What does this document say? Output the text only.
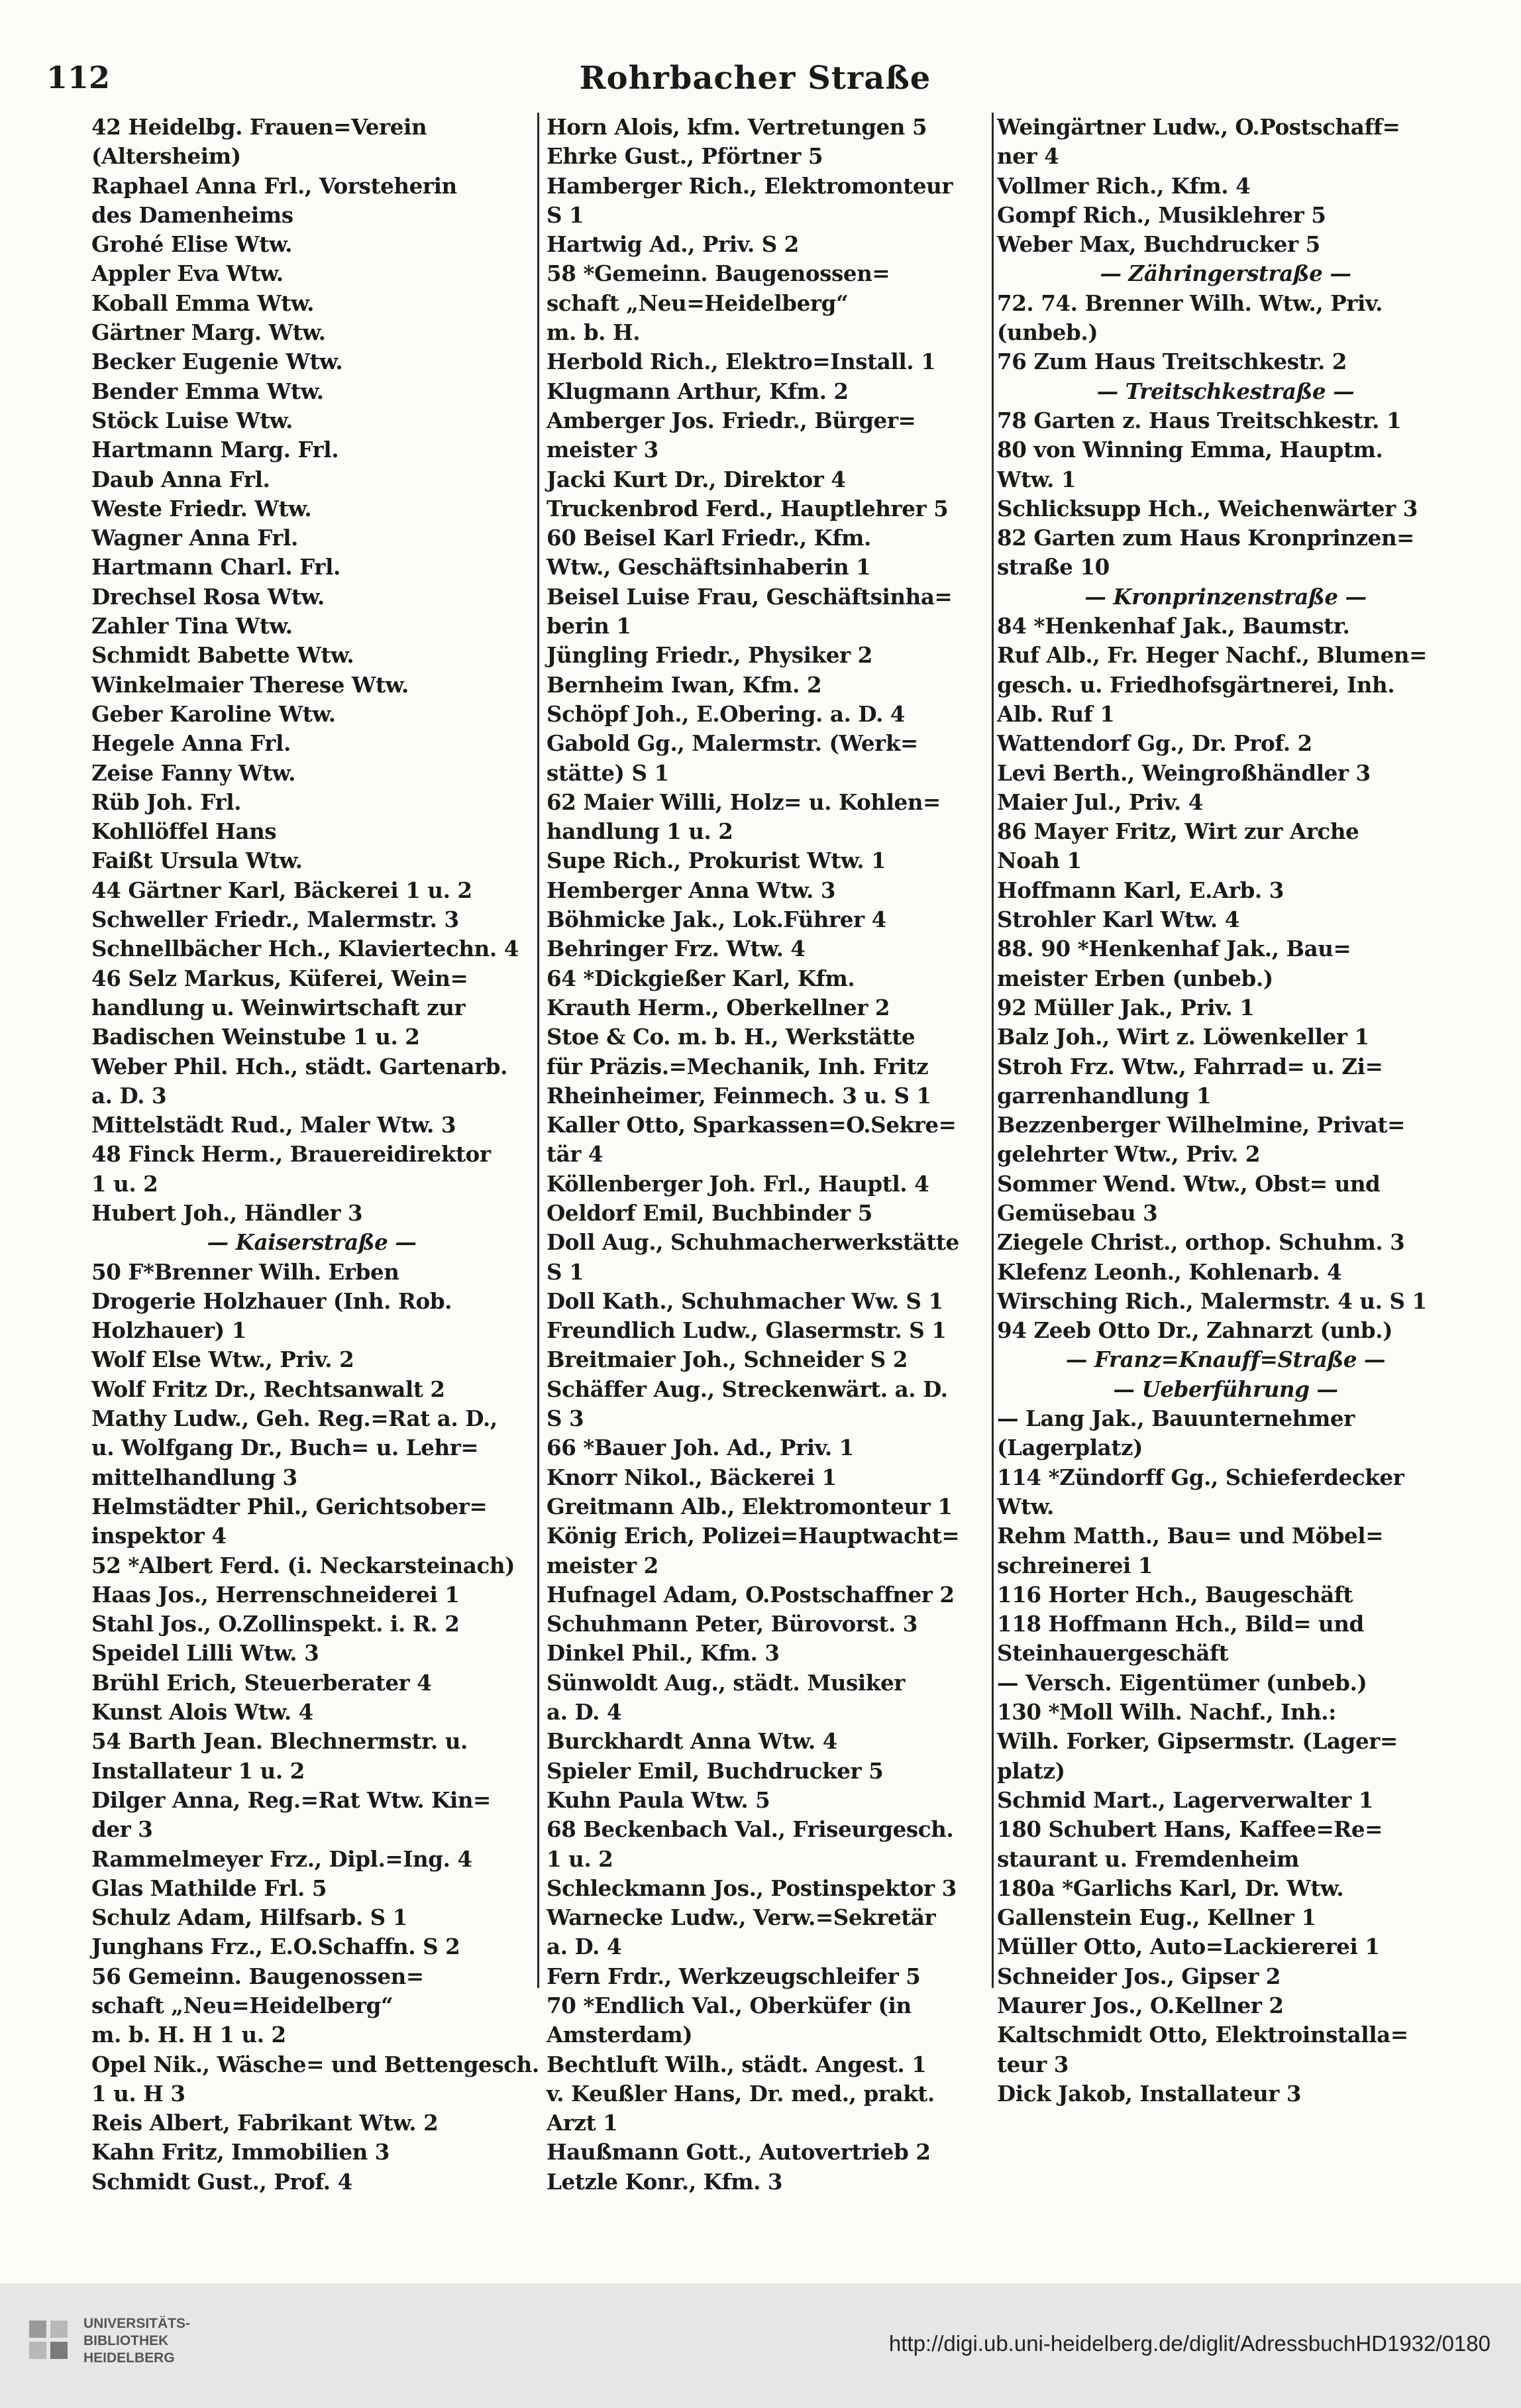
112	Rohrbacher Straße
42 Heidelbg. Frauen=Verein
(Altersheim)
Raphael Anna Frl., Vorsteherin
des Damenheims
Grohé Elise Wtw.
Appler Eva Wtw.
Koball Emma Wtw.
Gärtner Marg. Wtw.
Becker Eugenie Wtw.
Bender Emma Wtw.
Stöck Luise Wtw.
Hartmann Marg. Frl.
Daub Anna Frl.
Weste Friedr. Wtw.
Wagner Anna Frl.
Hartmann Charl. Frl.
Drechsel Rosa Wtw.
Zahler Tina Wtw.
Schmidt Babette Wtw.
Winkelmaier Therese Wtw.
Geber Karoline Wtw.
Hegele Anna Frl.
Zeise Fanny Wtw.
Rüb Joh. Frl.
Kohllöffel Hans
Faißt Ursula Wtw.
44 Gärtner Karl, Bäckerei 1 u. 2
Schweller Friedr., Malermstr. 3
Schnellbächer Hch., Klaviertechn. 4
46 Selz Markus, Küferei, Wein=
handlung u. Weinwirtschaft zur
Badischen Weinstube 1 u. 2
Weber Phil. Hch., städt. Gartenarb.
a. D. 3
Mittelstädt Rud., Maler Wtw. 3
48 Finck Herm., Brauereidirektor
1 u. 2
Hubert Joh., Händler 3
— Kaiserstraße —
50 F*Brenner Wilh. Erben
Drogerie Holzhauer (Inh. Rob.
Holzhauer) 1
Wolf Else Wtw., Priv. 2
Wolf Fritz Dr., Rechtsanwalt 2
Mathy Ludw., Geh. Reg.=Rat a. D.,
u. Wolfgang Dr., Buch= u. Lehr=
mittelhandlung 3
Helmstädter Phil., Gerichtsober=
inspektor 4
52 *Albert Ferd. (i. Neckarsteinach)
Haas Jos., Herrenschneiderei 1
Stahl Jos., O.Zollinspekt. i. R. 2
Speidel Lilli Wtw. 3
Brühl Erich, Steuerberater 4
Kunst Alois Wtw. 4
54 Barth Jean. Blechnermstr. u.
Installateur 1 u. 2
Dilger Anna, Reg.=Rat Wtw. Kin=
der 3
Rammelmeyer Frz., Dipl.=Ing. 4
Glas Mathilde Frl. 5
Schulz Adam, Hilfsarb. S 1
Junghans Frz., E.O.Schaffn. S 2
56 Gemeinn. Baugenossen=
schaft „Neu=Heidelberg“
m. b. H. H 1 u. 2
Opel Nik., Wäsche= und Bettengesch.
1 u. H 3
Reis Albert, Fabrikant Wtw. 2
Kahn Fritz, Immobilien 3
Schmidt Gust., Prof. 4
Horn Alois, kfm. Vertretungen 5
Ehrke Gust., Pförtner 5
Hamberger Rich., Elektromonteur
S 1
Hartwig Ad., Priv. S 2
58 *Gemeinn. Baugenossen=
schaft „Neu=Heidelberg“
m. b. H.
Herbold Rich., Elektro=Install. 1
Klugmann Arthur, Kfm. 2
Amberger Jos. Friedr., Bürger=
meister 3
Jacki Kurt Dr., Direktor 4
Truckenbrod Ferd., Hauptlehrer 5
60 Beisel Karl Friedr., Kfm.
Wtw., Geschäftsinhaberin 1
Beisel Luise Frau, Geschäftsinha=
berin 1
Jüngling Friedr., Physiker 2
Bernheim Iwan, Kfm. 2
Schöpf Joh., E.Obering. a. D. 4
Gabold Gg., Malermstr. (Werk=
stätte) S 1
62 Maier Willi, Holz= u. Kohlen=
handlung 1 u. 2
Supe Rich., Prokurist Wtw. 1
Hemberger Anna Wtw. 3
Böhmicke Jak., Lok.Führer 4
Behringer Frz. Wtw. 4
64 *Dickgießer Karl, Kfm.
Krauth Herm., Oberkellner 2
Stoe & Co. m. b. H., Werkstätte
für Präzis.=Mechanik, Inh. Fritz
Rheinheimer, Feinmech. 3 u. S 1
Kaller Otto, Sparkassen=O.Sekre=
tär 4
Köllenberger Joh. Frl., Hauptl. 4
Oeldorf Emil, Buchbinder 5
Doll Aug., Schuhmacherwerkstätte
S 1
Doll Kath., Schuhmacher Ww. S 1
Freundlich Ludw., Glasermstr. S 1
Breitmaier Joh., Schneider S 2
Schäffer Aug., Streckenwärt. a. D.
S 3
66 *Bauer Joh. Ad., Priv. 1
Knorr Nikol., Bäckerei 1
Greitmann Alb., Elektromonteur 1
König Erich, Polizei=Hauptwacht=
meister 2
Hufnagel Adam, O.Postschaffner 2
Schuhmann Peter, Bürovorst. 3
Dinkel Phil., Kfm. 3
Sünwoldt Aug., städt. Musiker
a. D. 4
Burckhardt Anna Wtw. 4
Spieler Emil, Buchdrucker 5
Kuhn Paula Wtw. 5
68 Beckenbach Val., Friseurgesch.
1 u. 2
Schleckmann Jos., Postinspektor 3
Warnecke Ludw., Verw.=Sekretär
a. D. 4
Fern Frdr., Werkzeugschleifer 5
70 *Endlich Val., Oberküfer (in
Amsterdam)
Bechtluft Wilh., städt. Angest. 1
v. Keußler Hans, Dr. med., prakt.
Arzt 1
Haußmann Gott., Autovertrieb 2
Letzle Konr., Kfm. 3
Weingärtner Ludw., O.Postschaff=
ner 4
Vollmer Rich., Kfm. 4
Gompf Rich., Musiklehrer 5
Weber Max, Buchdrucker 5
— Zähringerstraße —
72. 74. Brenner Wilh. Wtw., Priv.
(unbeb.)
76 Zum Haus Treitschkestr. 2
— Treitschkestraße —
78 Garten z. Haus Treitschkestr. 1
80 von Winning Emma, Hauptm.
Wtw. 1
Schlicksupp Hch., Weichenwärter 3
82 Garten zum Haus Kronprinzen=
straße 10
— Kronprinzenstraße —
84 *Henkenhaf Jak., Baumstr.
Ruf Alb., Fr. Heger Nachf., Blumen=
gesch. u. Friedhofsgärtnerei, Inh.
Alb. Ruf 1
Wattendorf Gg., Dr. Prof. 2
Levi Berth., Weingroßhändler 3
Maier Jul., Priv. 4
86 Mayer Fritz, Wirt zur Arche
Noah 1
Hoffmann Karl, E.Arb. 3
Strohler Karl Wtw. 4
88. 90 *Henkenhaf Jak., Bau=
meister Erben (unbeb.)
92 Müller Jak., Priv. 1
Balz Joh., Wirt z. Löwenkeller 1
Stroh Frz. Wtw., Fahrrad= u. Zi=
garrenhandlung 1
Bezzenberger Wilhelmine, Privat=
gelehrter Wtw., Priv. 2
Sommer Wend. Wtw., Obst= und
Gemüsebau 3
Ziegele Christ., orthop. Schuhm. 3
Klefenz Leonh., Kohlenarb. 4
Wirsching Rich., Malermstr. 4 u. S 1
94 Zeeb Otto Dr., Zahnarzt (unb.)
— Franz=Knauff=Straße —
— Ueberführung —
— Lang Jak., Bauunternehmer
(Lagerplatz)
114 *Zündorff Gg., Schieferdecker
Wtw.
Rehm Matth., Bau= und Möbel=
schreinerei 1
116 Horter Hch., Baugeschäft
118 Hoffmann Hch., Bild= und
Steinhauergeschäft
— Versch. Eigentümer (unbeb.)
130 *Moll Wilh. Nachf., Inh.:
Wilh. Forker, Gipsermstr. (Lager=
platz)
Schmid Mart., Lagerverwalter 1
180 Schubert Hans, Kaffee=Re=
staurant u. Fremdenheim
180a *Garlichs Karl, Dr. Wtw.
Gallenstein Eug., Kellner 1
Müller Otto, Auto=Lackiererei 1
Schneider Jos., Gipser 2
Maurer Jos., O.Kellner 2
Kaltschmidt Otto, Elektroinstalla=
teur 3
Dick Jakob, Installateur 3
UNIVERSITÄTS-
BIBLIOTHEK
HEIDELBERG
http://digi.ub.uni-heidelberg.de/diglit/AdressbuchHD1932/0180
